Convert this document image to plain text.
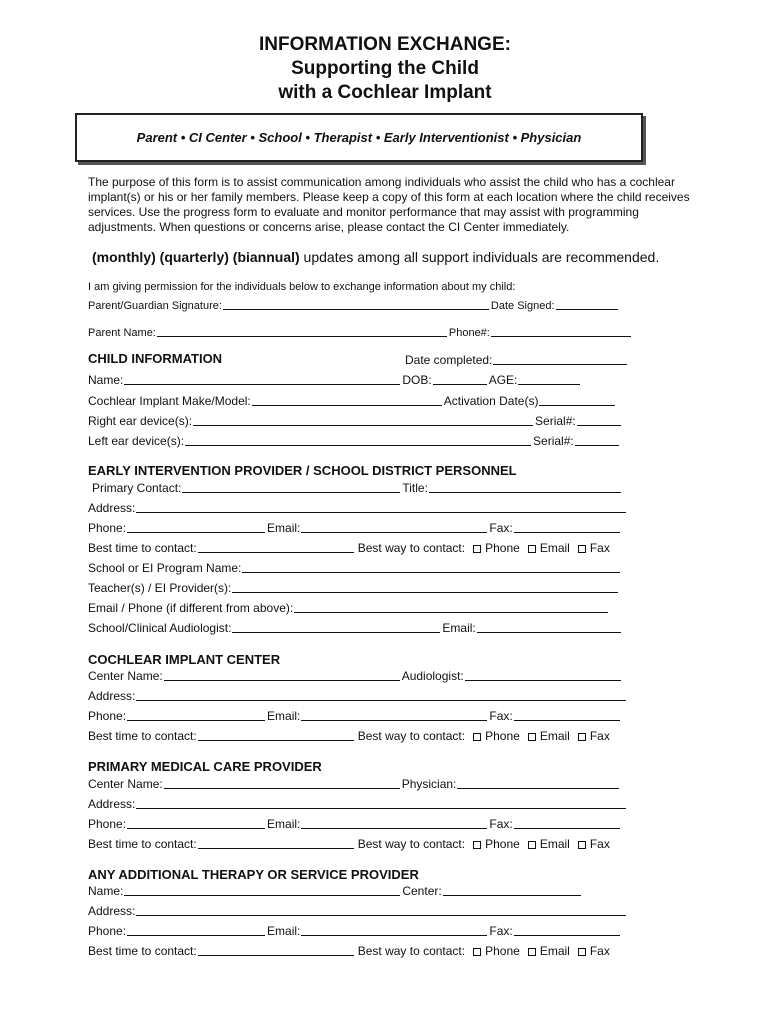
INFORMATION EXCHANGE:
Supporting the Child
with a Cochlear Implant
Parent • CI Center • School • Therapist • Early Interventionist • Physician
The purpose of this form is to assist communication among individuals who assist the child who has a cochlear implant(s) or his or her family members. Please keep a copy of this form at each location where the child receives services. Use the progress form to evaluate and monitor performance that may assist with programming adjustments. When questions or concerns arise, please contact the CI Center immediately.
(monthly) (quarterly) (biannual) updates among all support individuals are recommended.
I am giving permission for the individuals below to exchange information about my child:
Parent/Guardian Signature:	Date Signed:
Parent Name:	Phone#:
CHILD INFORMATION	Date completed:
Name:	DOB:	AGE:
Cochlear Implant Make/Model:	Activation Date(s)
Right ear device(s):	Serial#:
Left ear device(s):	Serial#:
EARLY INTERVENTION PROVIDER / SCHOOL DISTRICT PERSONNEL
Primary Contact:	Title:
Address:
Phone:	Email:	Fax:
Best time to contact:	Best way to contact: Phone Email Fax
School or EI Program Name:
Teacher(s) / EI Provider(s):
Email / Phone (if different from above):
School/Clinical Audiologist:	Email:
COCHLEAR IMPLANT CENTER
Center Name:	Audiologist:
Address:
Phone:	Email:	Fax:
Best time to contact:	Best way to contact: Phone Email Fax
PRIMARY MEDICAL CARE PROVIDER
Center Name:	Physician:
Address:
Phone:	Email:	Fax:
Best time to contact:	Best way to contact: Phone Email Fax
ANY ADDITIONAL THERAPY OR SERVICE PROVIDER
Name:	Center:
Address:
Phone:	Email:	Fax:
Best time to contact:	Best way to contact: Phone Email Fax
